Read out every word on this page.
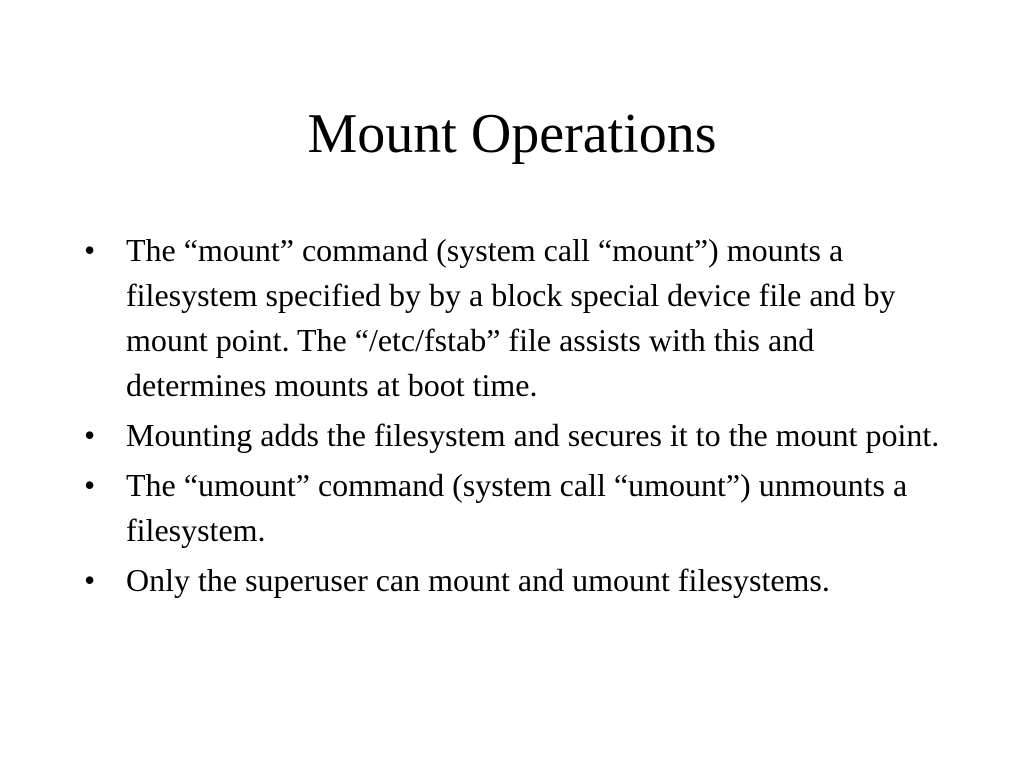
Mount Operations
• The “mount” command (system call “mount”) mounts a filesystem specified by by a block special device file and by mount point. The “/etc/fstab” file assists with this and determines mounts at boot time.
• Mounting adds the filesystem and secures it to the mount point.
• The “umount” command (system call “umount”) unmounts a filesystem.
• Only the superuser can mount and umount filesystems.
